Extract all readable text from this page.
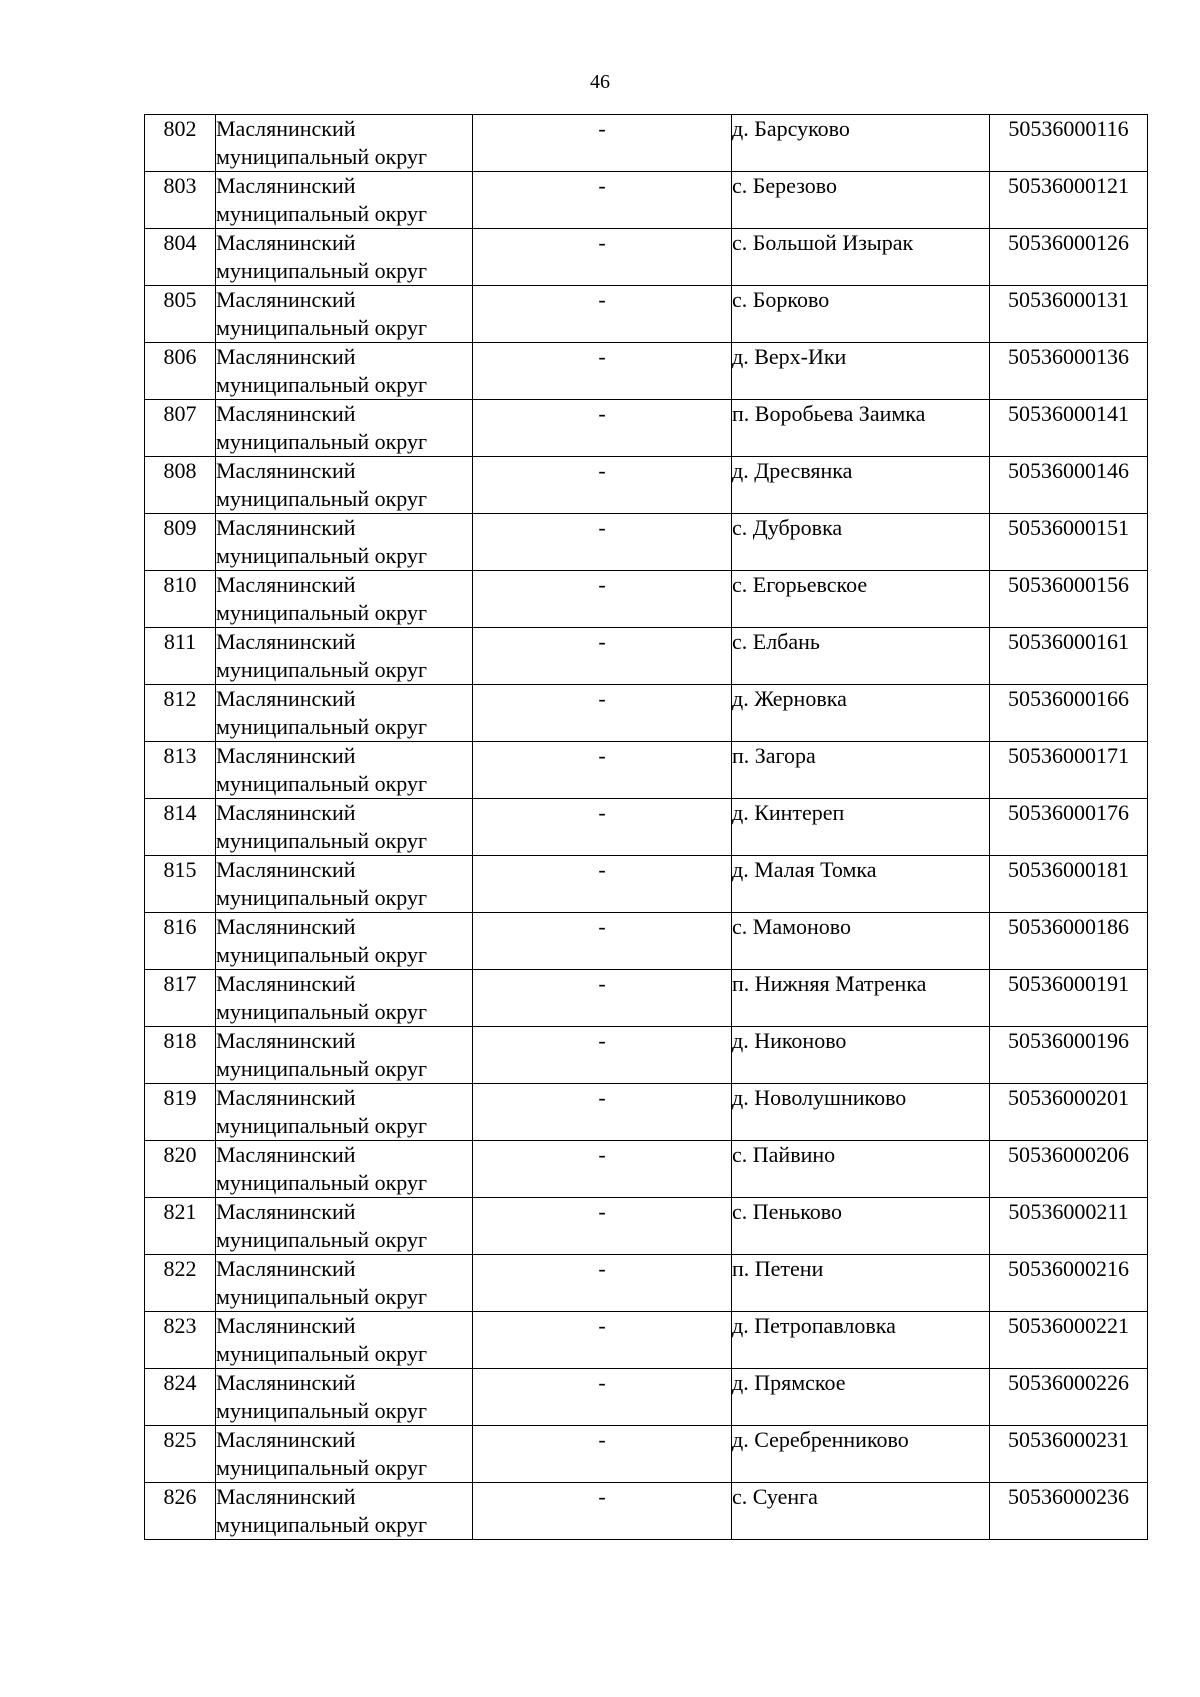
46
802	Маслянинский
муниципальный округ	-	д. Барсуково	50536000116
803	Маслянинский
муниципальный округ	-	с. Березово	50536000121
804	Маслянинский
муниципальный округ	-	с. Большой Изырак	50536000126
805	Маслянинский
муниципальный округ	-	с. Борково	50536000131
806	Маслянинский
муниципальный округ	-	д. Верх-Ики	50536000136
807	Маслянинский
муниципальный округ	-	п. Воробьева Заимка	50536000141
808	Маслянинский
муниципальный округ	-	д. Дресвянка	50536000146
809	Маслянинский
муниципальный округ	-	с. Дубровка	50536000151
810	Маслянинский
муниципальный округ	-	с. Егорьевское	50536000156
811	Маслянинский
муниципальный округ	-	с. Елбань	50536000161
812	Маслянинский
муниципальный округ	-	д. Жерновка	50536000166
813	Маслянинский
муниципальный округ	-	п. Загора	50536000171
814	Маслянинский
муниципальный округ	-	д. Кинтереп	50536000176
815	Маслянинский
муниципальный округ	-	д. Малая Томка	50536000181
816	Маслянинский
муниципальный округ	-	с. Мамоново	50536000186
817	Маслянинский
муниципальный округ	-	п. Нижняя Матренка	50536000191
818	Маслянинский
муниципальный округ	-	д. Никоново	50536000196
819	Маслянинский
муниципальный округ	-	д. Новолушниково	50536000201
820	Маслянинский
муниципальный округ	-	с. Пайвино	50536000206
821	Маслянинский
муниципальный округ	-	с. Пеньково	50536000211
822	Маслянинский
муниципальный округ	-	п. Петени	50536000216
823	Маслянинский
муниципальный округ	-	д. Петропавловка	50536000221
824	Маслянинский
муниципальный округ	-	д. Прямское	50536000226
825	Маслянинский
муниципальный округ	-	д. Серебренниково	50536000231
826	Маслянинский
муниципальный округ	-	с. Суенга	50536000236
